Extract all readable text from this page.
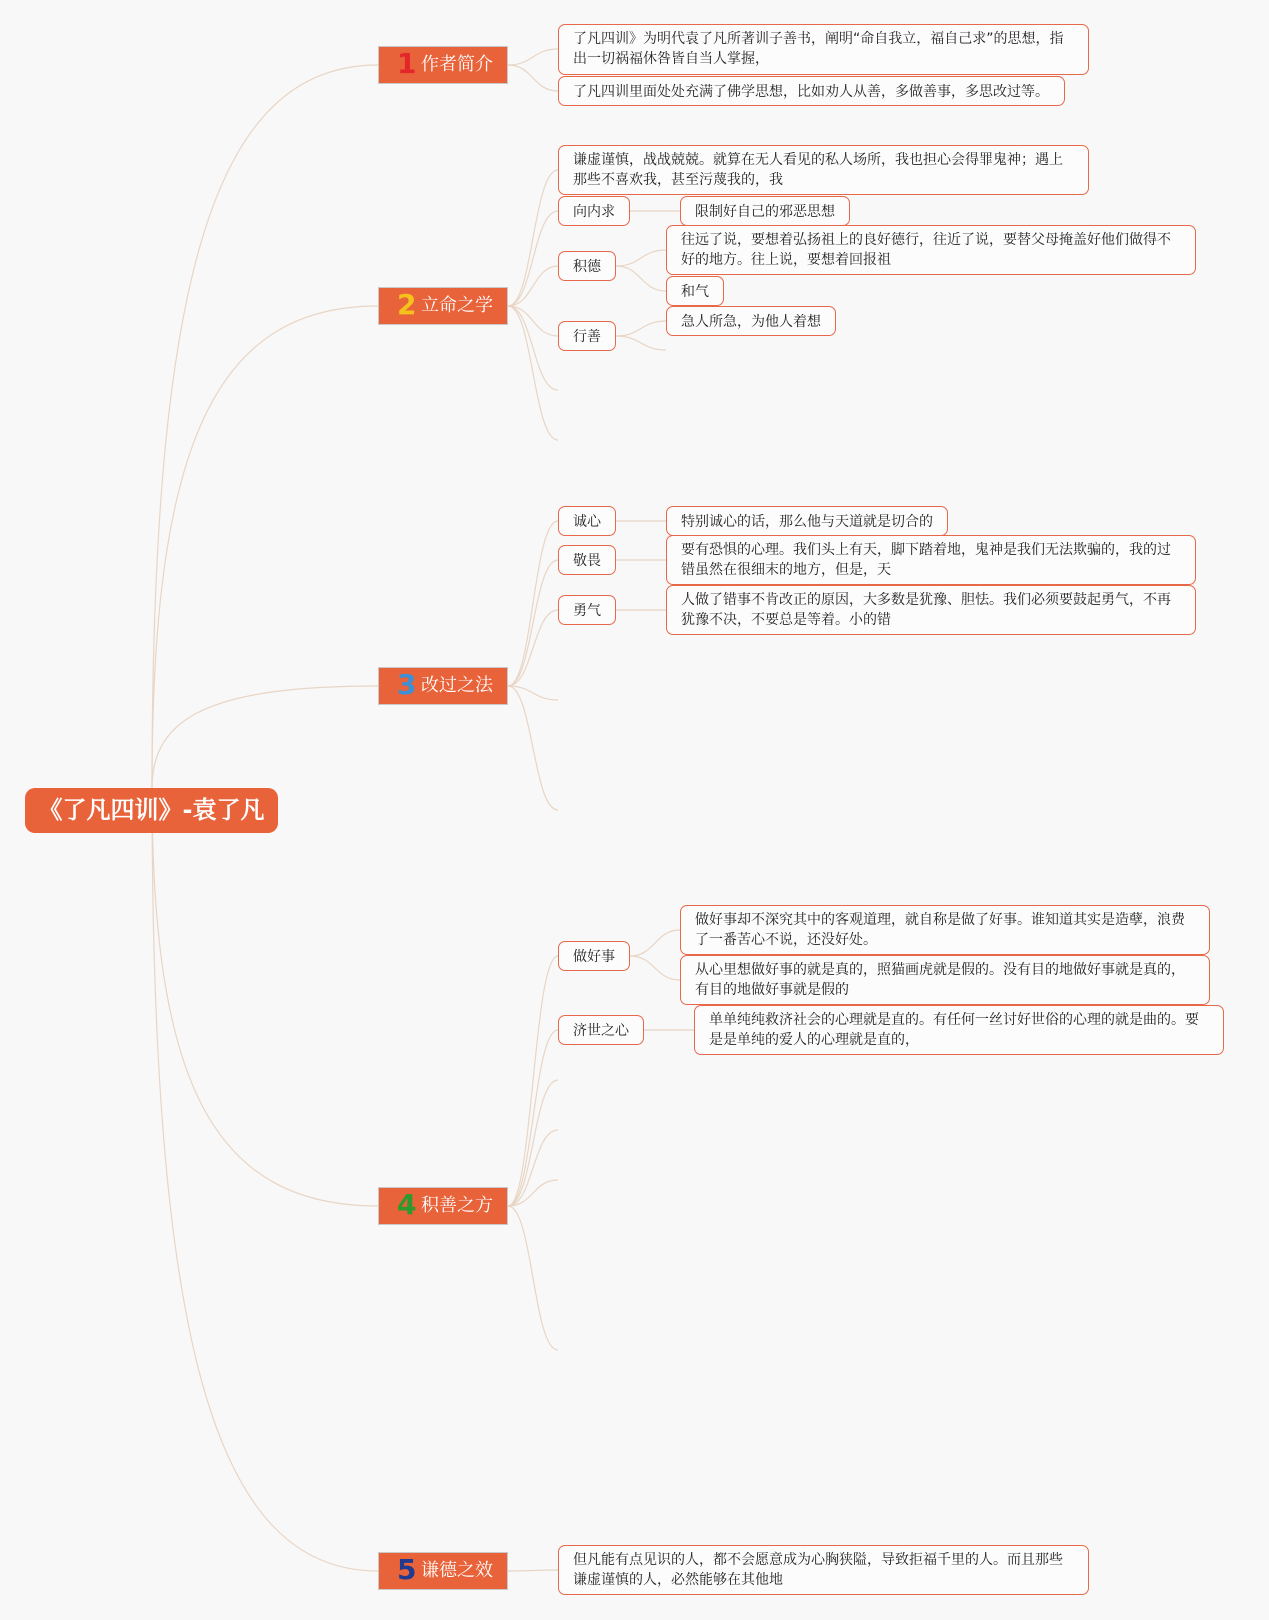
《了凡四训》-袁了凡
1 作者简介
2 立命之学
3 改过之法
4 积善之方
5 谦德之效
了凡四训》为明代袁了凡所著训子善书，阐明“命自我立，福自己求”的思想，指
出一切祸福休咎皆自当人掌握，
了凡四训里面处处充满了佛学思想，比如劝人从善，多做善事，多思改过等。
谦虚谨慎，战战兢兢。就算在无人看见的私人场所，我也担心会得罪鬼神；遇上
那些不喜欢我，甚至污蔑我的，我
向内求	限制好自己的邪恶思想
积德
往远了说，要想着弘扬祖上的良好德行，往近了说，要替父母掩盖好他们做得不
好的地方。往上说，要想着回报祖
和气
行善
急人所急，为他人着想
诚心	特别诚心的话，那么他与天道就是切合的
敬畏
要有恐惧的心理。我们头上有天，脚下踏着地，鬼神是我们无法欺骗的，我的过
错虽然在很细末的地方，但是，天
勇气
人做了错事不肯改正的原因，大多数是犹豫、胆怯。我们必须要鼓起勇气，不再
犹豫不决，不要总是等着。小的错
做好事
做好事却不深究其中的客观道理，就自称是做了好事。谁知道其实是造孽，浪费
了一番苦心不说，还没好处。
从心里想做好事的就是真的，照猫画虎就是假的。没有目的地做好事就是真的，
有目的地做好事就是假的
济世之心
单单纯纯救济社会的心理就是直的。有任何一丝讨好世俗的心理的就是曲的。要
是是单纯的爱人的心理就是直的，
但凡能有点见识的人，都不会愿意成为心胸狭隘，导致拒福千里的人。而且那些
谦虚谨慎的人，必然能够在其他地
